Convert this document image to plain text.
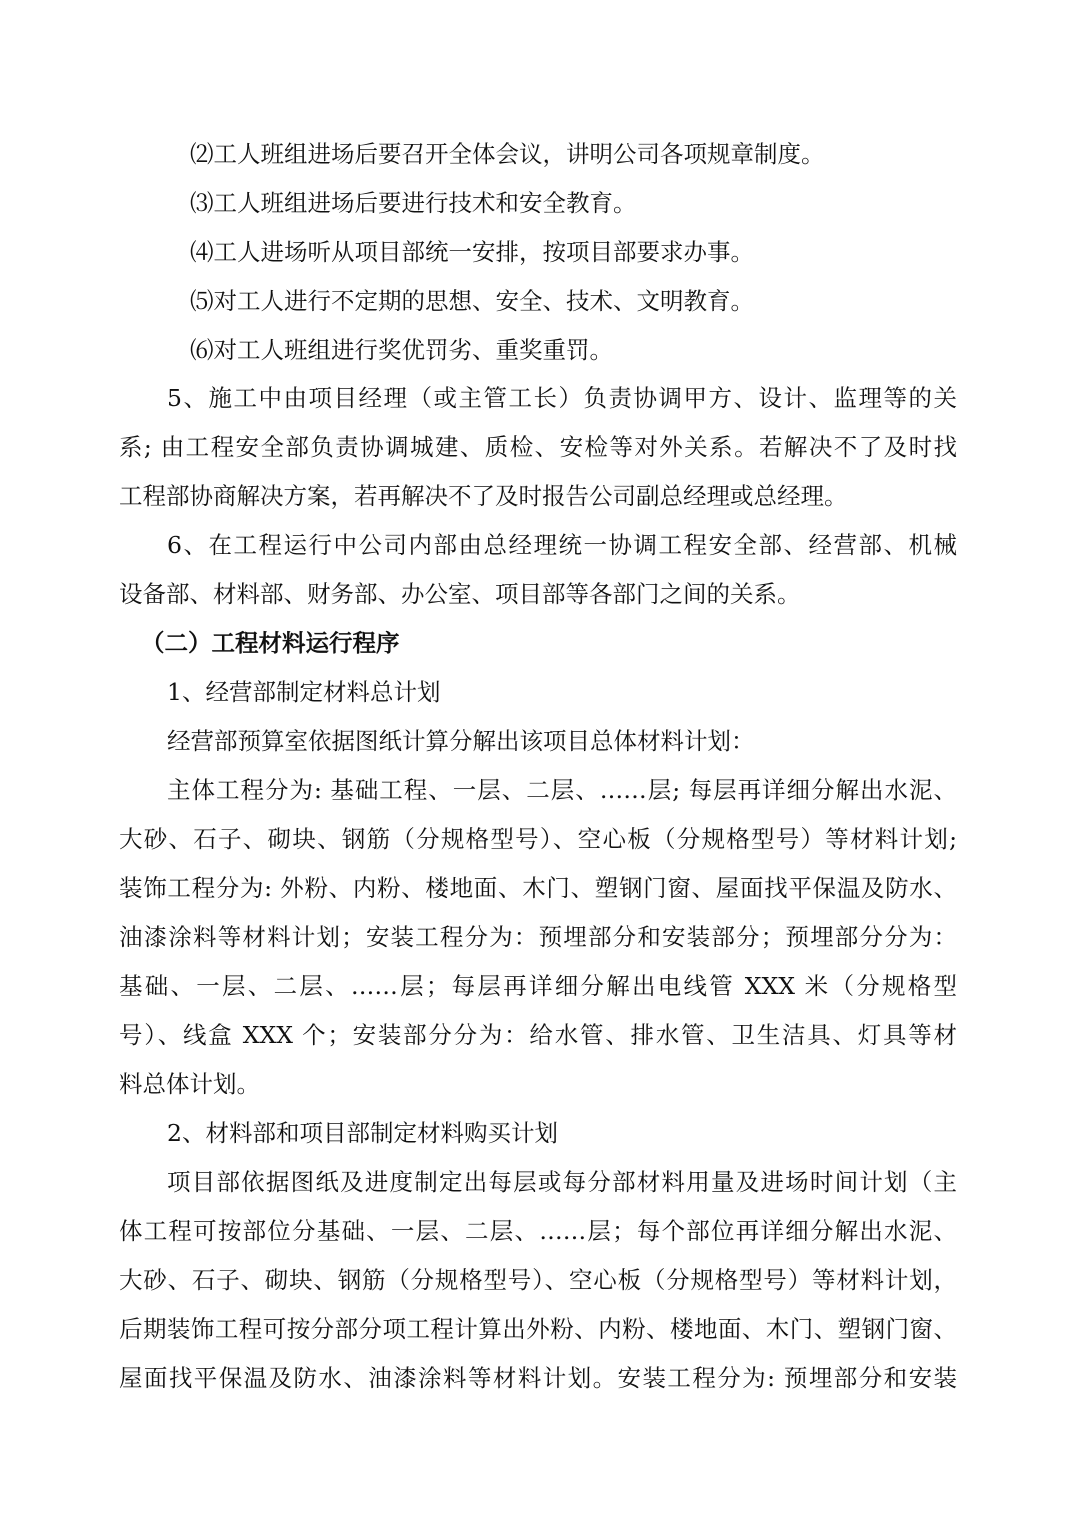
⑵工人班组进场后要召开全体会议，讲明公司各项规章制度。
⑶工人班组进场后要进行技术和安全教育。
⑷工人进场听从项目部统一安排，按项目部要求办事。
⑸对工人进行不定期的思想、安全、技术、文明教育。
⑹对工人班组进行奖优罚劣、重奖重罚。
5、施工中由项目经理（或主管工长）负责协调甲方、设计、监理等的关
系; 由工程安全部负责协调城建、质检、安检等对外关系。若解决不了及时找
工程部协商解决方案，若再解决不了及时报告公司副总经理或总经理。
6、在工程运行中公司内部由总经理统一协调工程安全部、经营部、机械
设备部、材料部、财务部、办公室、项目部等各部门之间的关系。
（二）工程材料运行程序
1、经营部制定材料总计划
经营部预算室依据图纸计算分解出该项目总体材料计划：
主体工程分为: 基础工程、一层、二层、……层; 每层再详细分解出水泥、
大砂、石子、砌块、钢筋（分规格型号）、空心板（分规格型号）等材料计划;
装饰工程分为: 外粉、内粉、楼地面、木门、塑钢门窗、屋面找平保温及防水、
油漆涂料等材料计划；安装工程分为：预埋部分和安装部分；预埋部分分为：
基础、一层、二层、……层；每层再详细分解出电线管 XXX 米（分规格型
号）、线盒 XXX 个；安装部分分为：给水管、排水管、卫生洁具、灯具等材
料总体计划。
2、材料部和项目部制定材料购买计划
项目部依据图纸及进度制定出每层或每分部材料用量及进场时间计划（主
体工程可按部位分基础、一层、二层、……层；每个部位再详细分解出水泥、
大砂、石子、砌块、钢筋（分规格型号）、空心板（分规格型号）等材料计划，
后期装饰工程可按分部分项工程计算出外粉、内粉、楼地面、木门、塑钢门窗、
屋面找平保温及防水、油漆涂料等材料计划。安装工程分为: 预埋部分和安装
